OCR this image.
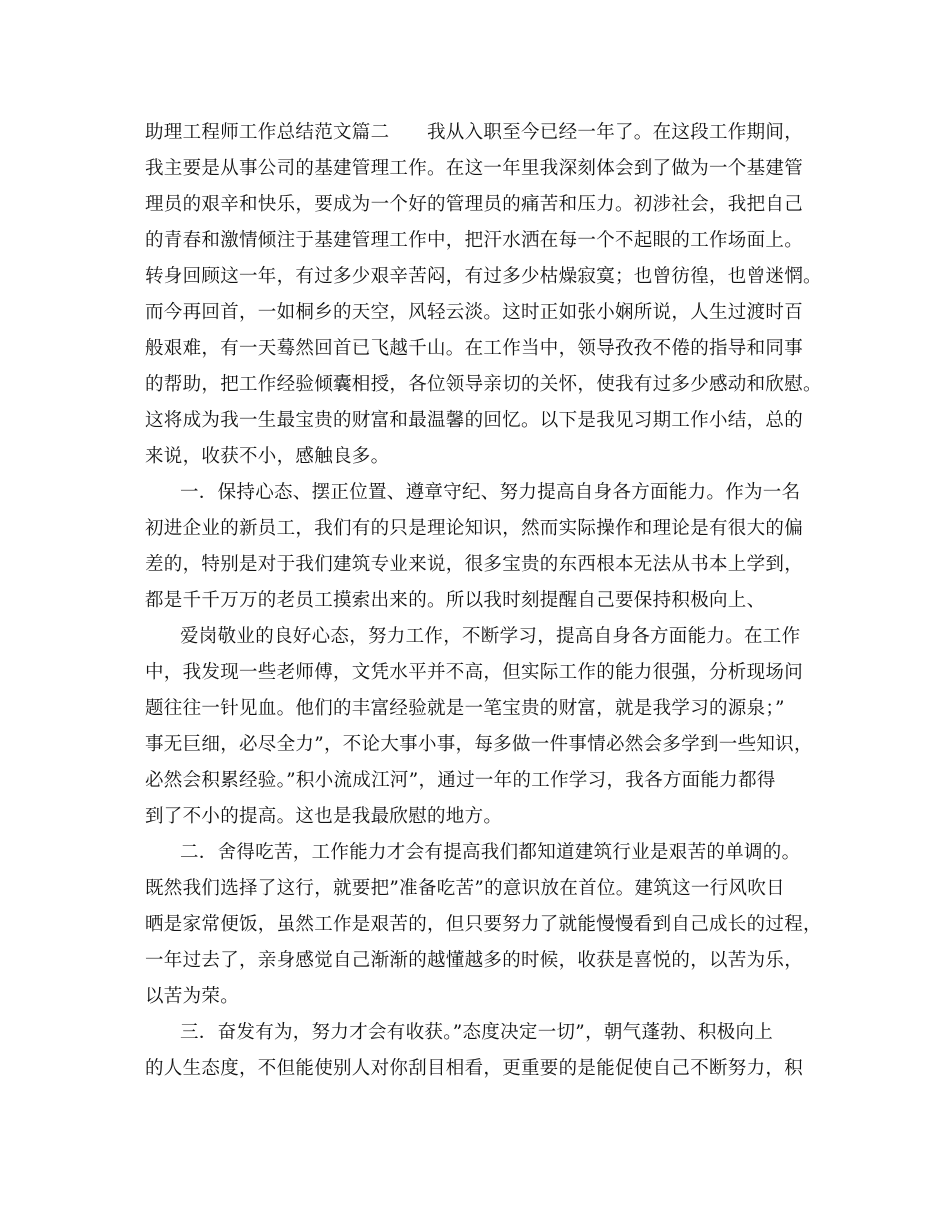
助理工程师工作总结范文篇二　　我从入职至今已经一年了。在这段工作期间，
我主要是从事公司的基建管理工作。在这一年里我深刻体会到了做为一个基建管
理员的艰辛和快乐，要成为一个好的管理员的痛苦和压力。初涉社会，我把自己
的青春和激情倾注于基建管理工作中，把汗水洒在每一个不起眼的工作场面上。
转身回顾这一年，有过多少艰辛苦闷，有过多少枯燥寂寞；也曾彷徨，也曾迷惘。
而今再回首，一如桐乡的天空，风轻云淡。这时正如张小娴所说，人生过渡时百
般艰难，有一天蓦然回首已飞越千山。在工作当中，领导孜孜不倦的指导和同事
的帮助，把工作经验倾囊相授，各位领导亲切的关怀，使我有过多少感动和欣慰。
这将成为我一生最宝贵的财富和最温馨的回忆。以下是我见习期工作小结，总的
来说，收获不小，感触良多。
一．保持心态、摆正位置、遵章守纪、努力提高自身各方面能力。作为一名
初进企业的新员工，我们有的只是理论知识，然而实际操作和理论是有很大的偏
差的，特别是对于我们建筑专业来说，很多宝贵的东西根本无法从书本上学到，
都是千千万万的老员工摸索出来的。所以我时刻提醒自己要保持积极向上、
爱岗敬业的良好心态，努力工作，不断学习，提高自身各方面能力。在工作
中，我发现一些老师傅，文凭水平并不高，但实际工作的能力很强，分析现场问
题往往一针见血。他们的丰富经验就是一笔宝贵的财富，就是我学习的源泉；”
事无巨细，必尽全力”，不论大事小事，每多做一件事情必然会多学到一些知识，
必然会积累经验。”积小流成江河”，通过一年的工作学习，我各方面能力都得
到了不小的提高。这也是我最欣慰的地方。
二．舍得吃苦，工作能力才会有提高我们都知道建筑行业是艰苦的单调的。
既然我们选择了这行，就要把”准备吃苦”的意识放在首位。建筑这一行风吹日
晒是家常便饭，虽然工作是艰苦的，但只要努力了就能慢慢看到自己成长的过程，
一年过去了，亲身感觉自己渐渐的越懂越多的时候，收获是喜悦的，以苦为乐，
以苦为荣。
三．奋发有为，努力才会有收获。”态度决定一切”，朝气蓬勃、积极向上
的人生态度，不但能使别人对你刮目相看，更重要的是能促使自己不断努力，积
